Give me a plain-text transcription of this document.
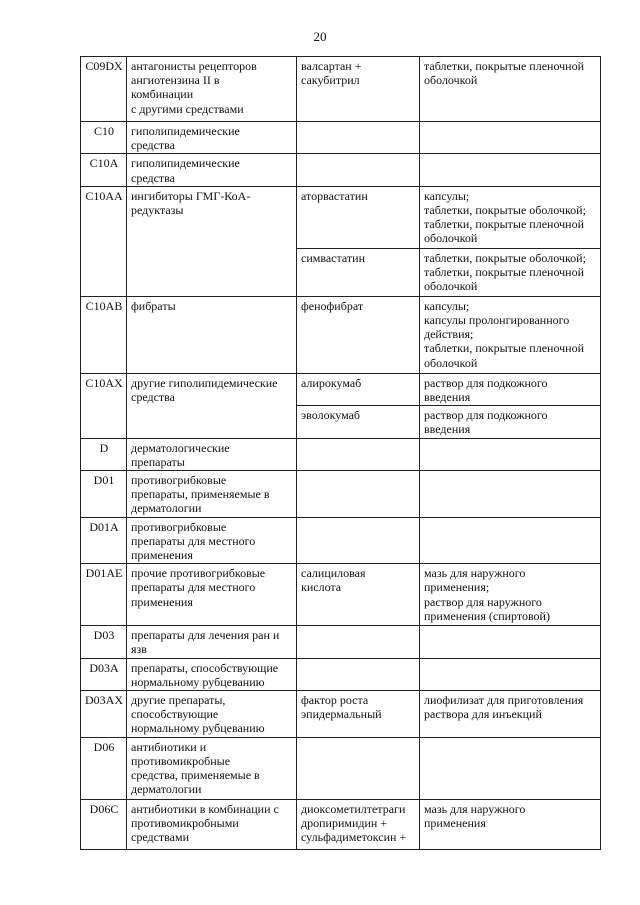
20
C09DX	антагонисты рецепторов
ангиотензина II в
комбинации
с другими средствами	валсартан +
сакубитрил	таблетки, покрытые пленочной
оболочкой
C10	гиполипидемические
средства		
C10A	гиполипидемические
средства		
C10AA	ингибиторы ГМГ-КоА-
редуктазы	аторвастатин	капсулы;
таблетки, покрытые оболочкой;
таблетки, покрытые пленочной
оболочкой
		симвастатин	таблетки, покрытые оболочкой;
таблетки, покрытые пленочной
оболочкой
C10AB	фибраты	фенофибрат	капсулы;
капсулы пролонгированного
действия;
таблетки, покрытые пленочной
оболочкой
C10AX	другие гиполипидемические
средства	алирокумаб	раствор для подкожного
введения
		эволокумаб	раствор для подкожного
введения
D	дерматологические
препараты		
D01	противогрибковые
препараты, применяемые в
дерматологии		
D01A	противогрибковые
препараты для местного
применения		
D01AE	прочие противогрибковые
препараты для местного
применения	салициловая
кислота	мазь для наружного
применения;
раствор для наружного
применения (спиртовой)
D03	препараты для лечения ран и
язв		
D03A	препараты, способствующие
нормальному рубцеванию		
D03AX	другие препараты,
способствующие
нормальному рубцеванию	фактор роста
эпидермальный	лиофилизат для приготовления
раствора для инъекций
D06	антибиотики и
противомикробные
средства, применяемые в
дерматологии		
D06C	антибиотики в комбинации с
противомикробными
средствами	диоксометилтетраги
дропиримидин +
сульфадиметоксин +	мазь для наружного
применения
